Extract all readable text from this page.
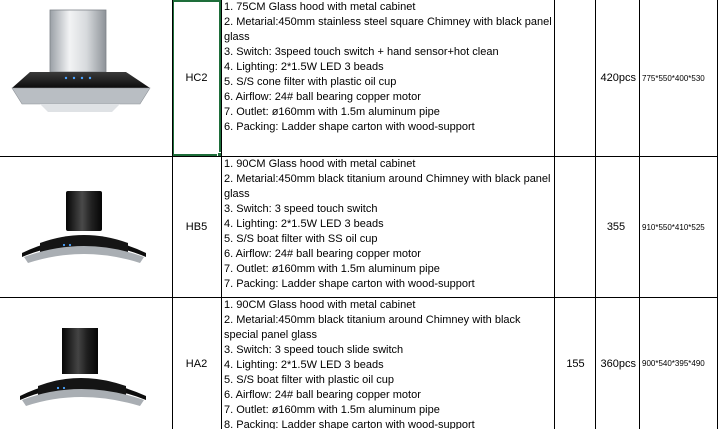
HC2
1. 75CM Glass hood with metal cabinet
2. Metarial:450mm stainless steel square Chimney with black panel glass
3. Switch: 3speed touch switch + hand sensor+hot clean
4. Lighting: 2*1.5W LED 3 beads
5. S/S cone filter with plastic oil cup
6. Airflow: 24# ball bearing copper motor
7. Outlet: ø160mm with 1.5m aluminum pipe
6. Packing: Ladder shape carton with wood-support
420pcs 775*550*400*530
HB5
1. 90CM Glass hood with metal cabinet
2. Metarial:450mm black titanium around Chimney with black panel glass
3. Switch: 3 speed touch switch
4. Lighting: 2*1.5W LED 3 beads
5. S/S boat filter with SS oil cup
6. Airflow: 24# ball bearing copper motor
7. Outlet: ø160mm with 1.5m aluminum pipe
7. Packing: Ladder shape carton with wood-support
355 910*550*410*525
HA2
1. 90CM Glass hood with metal cabinet
2. Metarial:450mm black titanium around Chimney with black special panel glass
3. Switch: 3 speed touch slide switch
4. Lighting: 2*1.5W LED 3 beads
5. S/S boat filter with plastic oil cup
6. Airflow: 24# ball bearing copper motor
7. Outlet: ø160mm with 1.5m aluminum pipe
8. Packing: Ladder shape carton with wood-support
155 360pcs 900*540*395*490
